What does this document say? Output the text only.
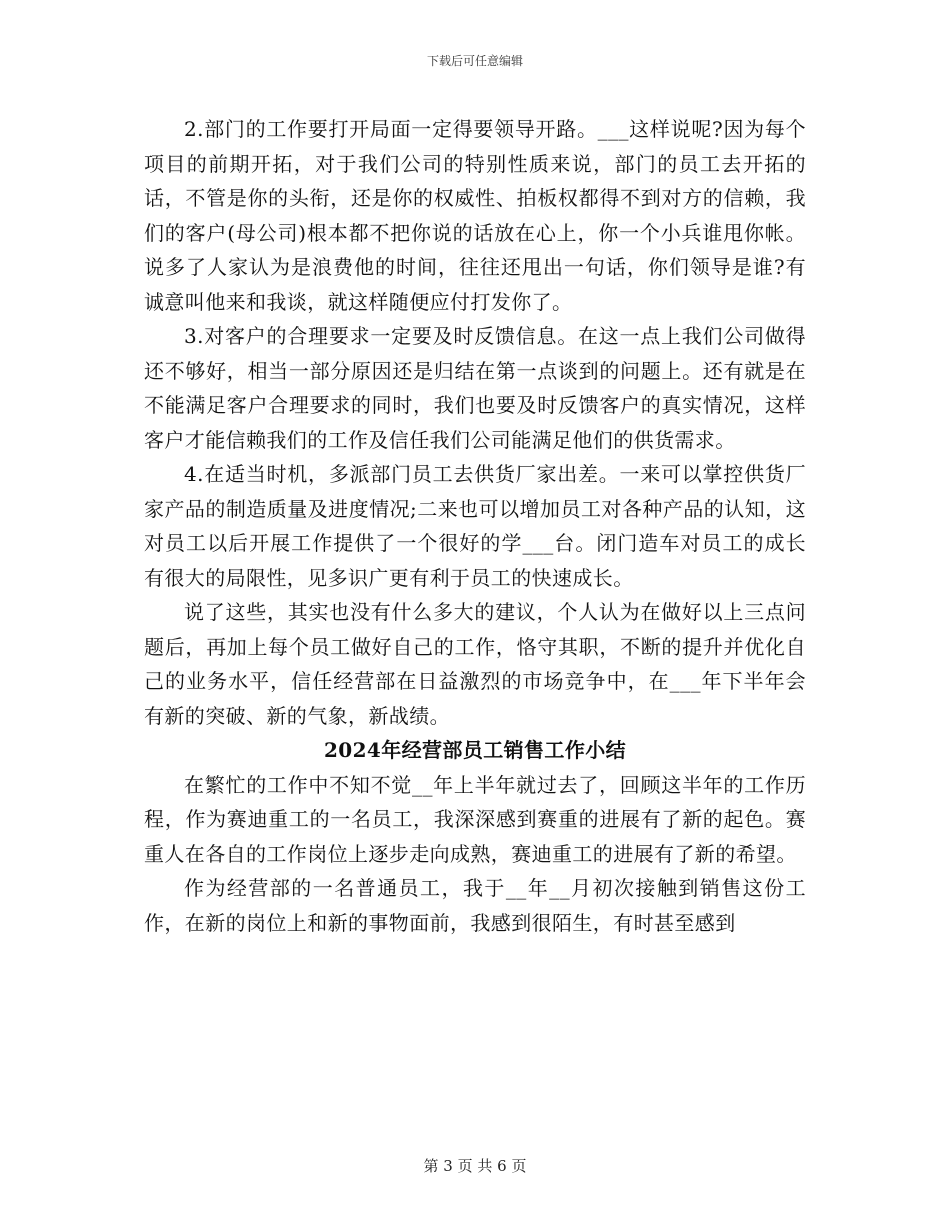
下载后可任意编辑

2.部门的工作要打开局面一定得要领导开路。___这样说呢?因为每个项目的前期开拓，对于我们公司的特别性质来说，部门的员工去开拓的话，不管是你的头衔，还是你的权威性、拍板权都得不到对方的信赖，我们的客户(母公司)根本都不把你说的话放在心上，你一个小兵谁甩你帐。说多了人家认为是浪费他的时间，往往还甩出一句话，你们领导是谁?有诚意叫他来和我谈，就这样随便应付打发你了。

3.对客户的合理要求一定要及时反馈信息。在这一点上我们公司做得还不够好，相当一部分原因还是归结在第一点谈到的问题上。还有就是在不能满足客户合理要求的同时，我们也要及时反馈客户的真实情况，这样客户才能信赖我们的工作及信任我们公司能满足他们的供货需求。

4.在适当时机，多派部门员工去供货厂家出差。一来可以掌控供货厂家产品的制造质量及进度情况;二来也可以增加员工对各种产品的认知，这对员工以后开展工作提供了一个很好的学___台。闭门造车对员工的成长有很大的局限性，见多识广更有利于员工的快速成长。

说了这些，其实也没有什么多大的建议，个人认为在做好以上三点问题后，再加上每个员工做好自己的工作，恪守其职，不断的提升并优化自己的业务水平，信任经营部在日益激烈的市场竞争中，在___年下半年会有新的突破、新的气象，新战绩。

2024年经营部员工销售工作小结

在繁忙的工作中不知不觉__年上半年就过去了，回顾这半年的工作历程，作为赛迪重工的一名员工，我深深感到赛重的进展有了新的起色。赛重人在各自的工作岗位上逐步走向成熟，赛迪重工的进展有了新的希望。

作为经营部的一名普通员工，我于__年__月初次接触到销售这份工作，在新的岗位上和新的事物面前，我感到很陌生，有时甚至感到

第 3 页 共 6 页
